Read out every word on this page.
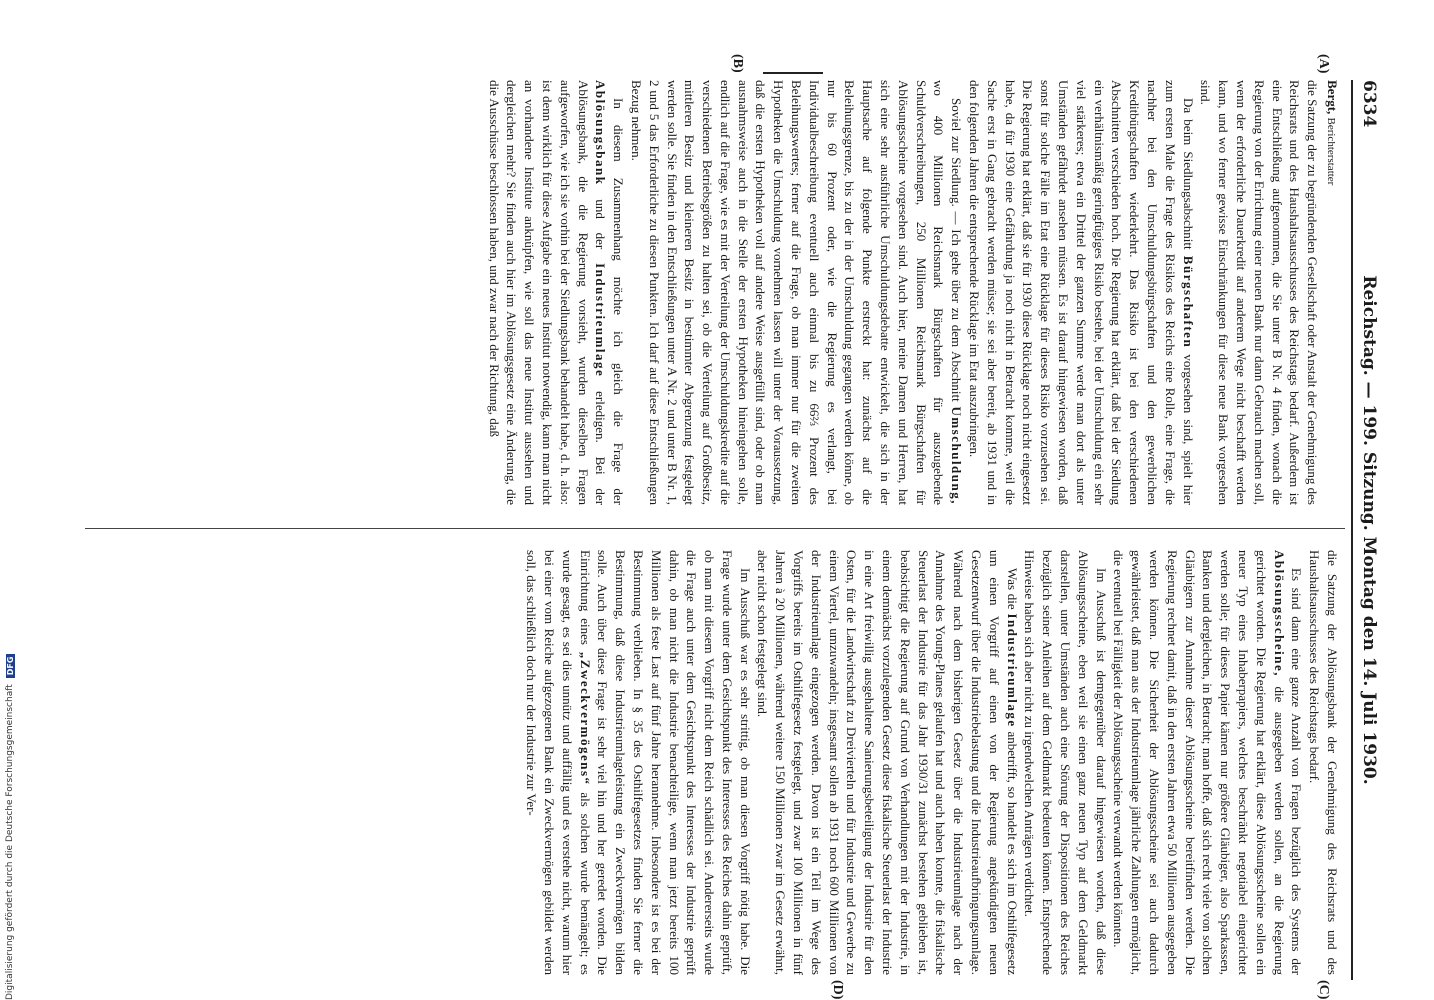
Digitalisierung gefördert durch die Deutsche Forschungsgemeinschaft
DFG
6334
Reichstag. — 199. Sitzung. Montag den 14. Juli 1930.
(A)
(B)
(C)
(D)

Bergt, Berichterstatter

die Satzung der zu begründenden Gesellschaft oder Anstalt der Genehmigung des Reichsrats und des Haushaltsausschusses des Reichstags bedarf. Außerdem ist eine Entschließung aufgenommen, die Sie unter B Nr. 4 finden, wonach die Regierung von der Errichtung einer neuen Bank nur dann Gebrauch machen soll, wenn der erforderliche Dauerkredit auf anderem Wege nicht beschafft werden kann, und wo ferner gewisse Einschränkungen für diese neue Bank vorgesehen sind.

Da beim Siedlungsabschnitt Bürgschaften vorgesehen sind, spielt hier zum ersten Male die Frage des Risikos des Reichs eine Rolle, eine Frage, die nachher bei den Umschuldungsbürgschaften und den gewerblichen Kreditbürgschaften wiederkehrt. Das Risiko ist bei den verschiedenen Abschnitten verschieden hoch. Die Regierung hat erklärt, daß bei der Siedlung ein verhältnismäßig geringfügiges Risiko bestehe, bei der Umschuldung ein sehr viel stärkeres; etwa ein Drittel der ganzen Summe werde man dort als unter Umständen gefährdet ansehen müssen. Es ist darauf hingewiesen worden, daß sonst für solche Fälle im Etat eine Rücklage für dieses Risiko vorzusehen sei. Die Regierung hat erklärt, daß sie für 1930 diese Rücklage noch nicht eingesetzt habe, da für 1930 eine Gefährdung ja noch nicht in Betracht komme, weil die Sache erst in Gang gebracht werden müsse; sie sei aber bereit, ab 1931 und in den folgenden Jahren die entsprechende Rücklage im Etat auszubringen.

Soviel zur Siedlung. — Ich gehe über zu dem Abschnitt Umschuldung, wo 400 Millionen Reichsmark Bürgschaften für auszugebende Schuldverschreibungen, 250 Millionen Reichsmark Bürgschaften für Ablösungsscheine vorgesehen sind. Auch hier, meine Damen und Herren, hat sich eine sehr ausführliche Umschuldungsdebatte entwickelt, die sich in der Hauptsache auf folgende Punkte erstreckt hat: zunächst auf die Beleihungsgrenze, bis zu der in der Umschuldung gegangen werden könne, ob nur bis 60 Prozent oder, wie die Regierung es verlangt, bei Individualbeschreibung eventuell auch einmal bis zu 66⅔ Prozent des Beleihungswertes; ferner auf die Frage, ob man immer nur für die zweiten Hypotheken die Umschuldung vornehmen lassen will unter der Voraussetzung, daß die ersten Hypotheken voll auf andere Weise ausgefüllt sind, oder ob man ausnahmsweise auch in die Stelle der ersten Hypotheken hineingehen solle, endlich auf die Frage, wie es mit der Verteilung der Umschuldungskredite auf die verschiedenen Betriebsgrößen zu halten sei, ob die Verteilung auf Großbesitz, mittleren Besitz und kleineren Besitz in bestimmter Abgrenzung festgelegt werden solle. Sie finden in den Entschließungen unter A Nr. 2 und unter B Nr. 1, 2 und 5 das Erforderliche zu diesen Punkten. Ich darf auf diese Entschließungen Bezug nehmen.

In diesem Zusammenhang möchte ich gleich die Frage der Ablösungsbank und der Industrieumlage erledigen. Bei der Ablösungsbank, die die Regierung vorsieht, wurden dieselben Fragen aufgeworfen, wie ich sie vorhin bei der Siedlungsbank behandelt habe, d. h. also: ist denn wirklich für diese Aufgabe ein neues Institut notwendig, kann man nicht an vorhandene Institute anknüpfen, wie soll das neue Institut aussehen und dergleichen mehr? Sie finden auch hier im Ablösungsgesetz eine Änderung, die die Ausschüsse beschlossen haben, und zwar nach der Richtung, daß

die Satzung der Ablösungsbank der Genehmigung des Reichsrats und des Haushaltsausschusses des Reichstags bedarf.

Es sind dann eine ganze Anzahl von Fragen bezüglich des Systems der Ablösungsscheine, die ausgegeben werden sollen, an die Regierung gerichtet worden. Die Regierung hat erklärt, diese Ablösungsscheine sollen ein neuer Typ eines Inhaberpapiers, welches beschränkt negotiabel eingerichtet werden solle; für dieses Papier kämen nur größere Gläubiger, also Sparkassen, Banken und dergleichen, in Betracht; man hoffe, daß sich recht viele von solchen Gläubigern zur Annahme dieser Ablösungsscheine bereitfinden werden. Die Regierung rechnet damit, daß in den ersten Jahren etwa 50 Millionen ausgegeben werden können. Die Sicherheit der Ablösungsscheine sei auch dadurch gewährleistet, daß man aus der Industrieumlage jährliche Zahlungen ermöglicht, die eventuell bei Fälligkeit der Ablösungsscheine verwandt werden könnten.

Im Ausschuß ist demgegenüber darauf hingewiesen worden, daß diese Ablösungsscheine, eben weil sie einen ganz neuen Typ auf dem Geldmarkt darstellen, unter Umständen auch eine Störung der Dispositionen des Reiches bezüglich seiner Anleihen auf dem Geldmarkt bedeuten können. Entsprechende Hinweise haben sich aber nicht zu irgendwelchen Anträgen verdichtet.

Was die Industrieumlage anbetrifft, so handelt es sich im Osthilfegesetz um einen Vorgriff auf einen von der Regierung angekündigten neuen Gesetzentwurf über die Industriebelastung und die Industrieaufbringungsumlage. Während nach dem bisherigen Gesetz über die Industrieumlage nach der Annahme des Young-Planes gelaufen hat und auch haben konnte, die fiskalische Steuerlast der Industrie für das Jahr 1930/31 zunächst bestehen geblieben ist, beabsichtigt die Regierung auf Grund von Verhandlungen mit der Industrie, in einem demnächst vorzulegenden Gesetz diese fiskalische Steuerlast der Industrie in eine Art freiwillig ausgehaltene Sanierungsbeteiligung der Industrie für den Osten, für die Landwirtschaft zu Dreivierteln und für Industrie und Gewerbe zu einem Viertel, umzuwandeln; insgesamt sollen ab 1931 noch 600 Millionen von der Industrieumlage eingezogen werden. Davon ist ein Teil im Wege des Vorgriffs bereits im Osthilfegesetz festgelegt, und zwar 100 Millionen in fünf Jahren à 20 Millionen, während weitere 150 Millionen zwar im Gesetz erwähnt, aber nicht schon festgelegt sind.

Im Ausschuß war es sehr strittig, ob man diesen Vorgriff nötig habe. Die Frage wurde unter dem Gesichtspunkt des Interesses des Reiches dahin geprüft, ob man mit diesem Vorgriff nicht dem Reich schädlich sei. Andererseits wurde die Frage auch unter dem Gesichtspunkt des Interesses der Industrie geprüft dahin, ob man nicht die Industrie benachteilige, wenn man jetzt bereits 100 Millionen als feste Last auf fünf Jahre herannehme. Inbesondere ist es bei der Bestimmung verblieben. In § 35 des Osthilfegesetzes finden Sie ferner die Bestimmung, daß diese Industrieumlageleistung ein Zweckvermögen bilden solle. Auch über diese Frage ist sehr viel hin und her geredet worden. Die Einrichtung eines „Zweckvermögens“ als solchen wurde bemängelt; es wurde gesagt, es sei dies unnütz und auffällig und es verstehe nicht, warum hier bei einer vom Reiche aufgezogenen Bank ein Zweckvermögen gebildet werden soll, das schließlich doch nur der Industrie zur Ver-
